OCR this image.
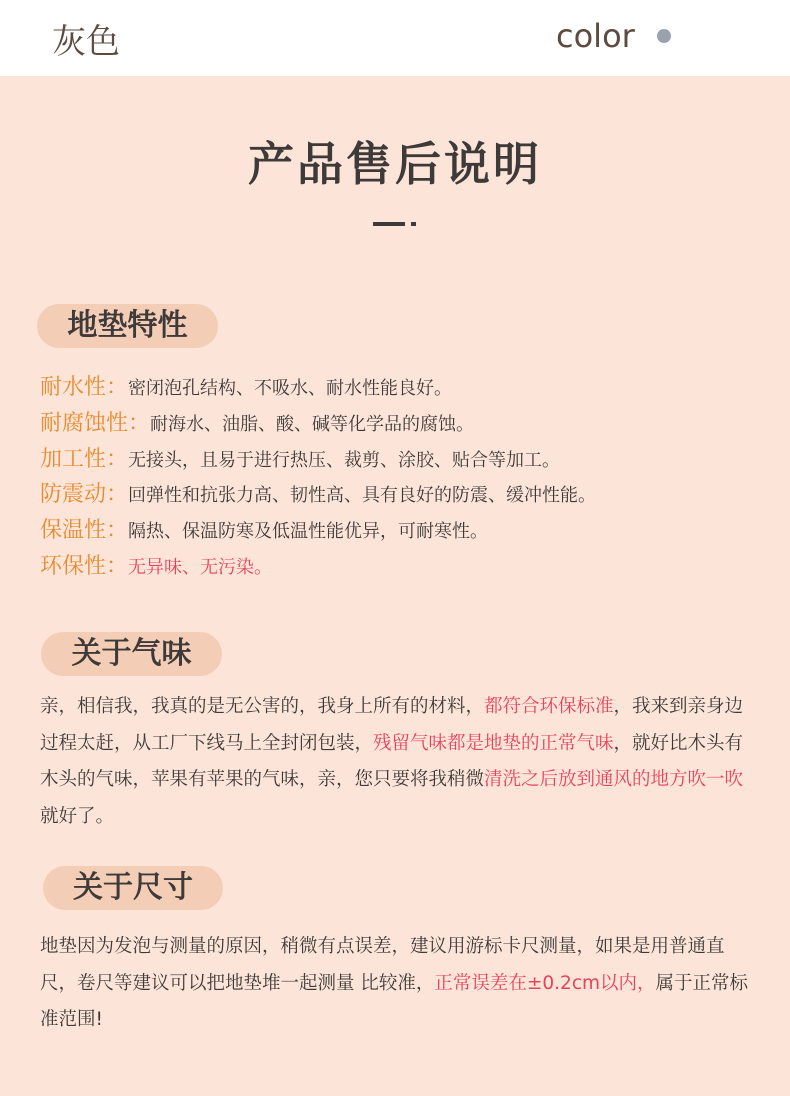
灰色	color
产品售后说明
地垫特性
耐水性：密闭泡孔结构、不吸水、耐水性能良好。
耐腐蚀性：耐海水、油脂、酸、碱等化学品的腐蚀。
加工性：无接头，且易于进行热压、裁剪、涂胶、贴合等加工。
防震动：回弹性和抗张力高、韧性高、具有良好的防震、缓冲性能。
保温性：隔热、保温防寒及低温性能优异，可耐寒性。
环保性：无异味、无污染。
关于气味

亲，相信我，我真的是无公害的，我身上所有的材料，都符合环保标准，我来到亲身边过程太赶，从工厂下线马上全封闭包装，残留气味都是地垫的正常气味，就好比木头有木头的气味，苹果有苹果的气味，亲，您只要将我稍微清洗之后放到通风的地方吹一吹就好了。

关于尺寸

地垫因为发泡与测量的原因，稍微有点误差，建议用游标卡尺测量，如果是用普通直尺，卷尺等建议可以把地垫堆一起测量 比较准，正常误差在±0.2cm以内，属于正常标准范围!
